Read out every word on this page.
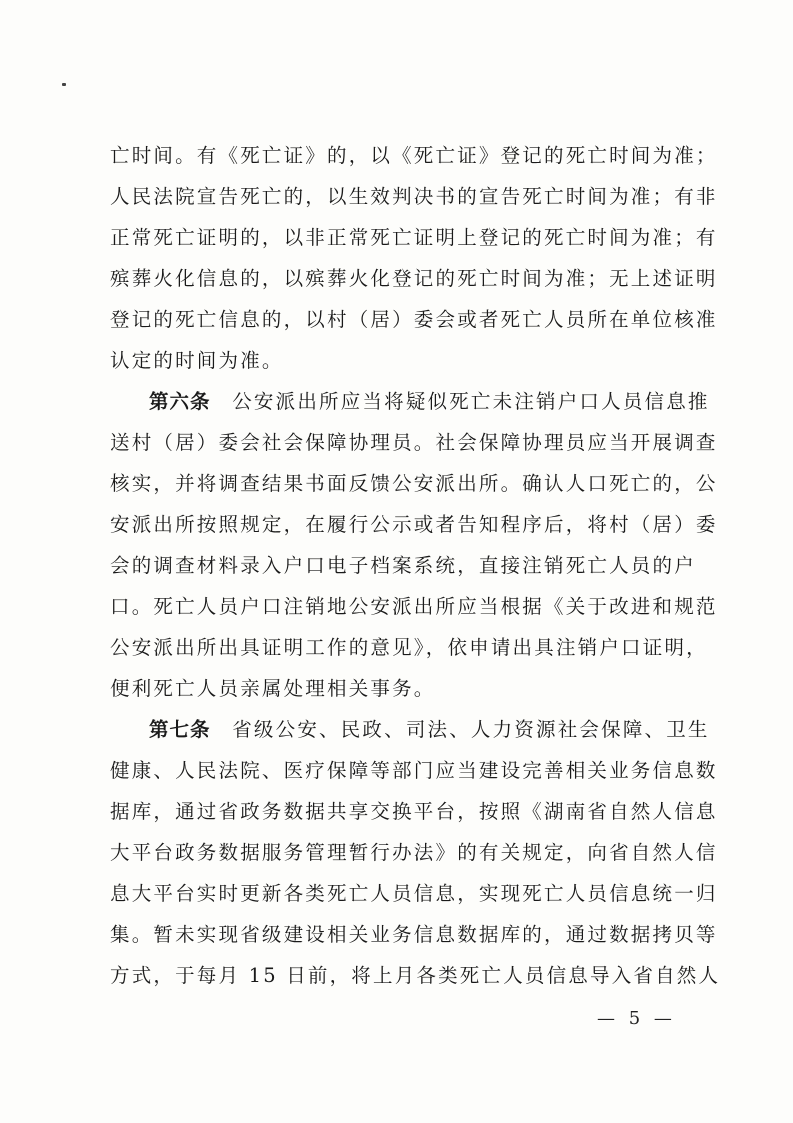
亡时间。有《死亡证》的，以《死亡证》登记的死亡时间为准；
人民法院宣告死亡的，以生效判决书的宣告死亡时间为准；有非
正常死亡证明的，以非正常死亡证明上登记的死亡时间为准；有
殡葬火化信息的，以殡葬火化登记的死亡时间为准；无上述证明
登记的死亡信息的，以村（居）委会或者死亡人员所在单位核准
认定的时间为准。
第六条　 公安派出所应当将疑似死亡未注销户口人员信息推
送村（居）委会社会保障协理员。社会保障协理员应当开展调查
核实，并将调查结果书面反馈公安派出所。确认人口死亡的，公
安派出所按照规定，在履行公示或者告知程序后，将村（居）委
会的调查材料录入户口电子档案系统，直接注销死亡人员的户
口。死亡人员户口注销地公安派出所应当根据《关于改进和规范
公安派出所出具证明工作的意见》，依申请出具注销户口证明，
便利死亡人员亲属处理相关事务。
第七条　 省级公安、民政、司法、人力资源社会保障、卫生
健康、人民法院、医疗保障等部门应当建设完善相关业务信息数
据库，通过省政务数据共享交换平台，按照《湖南省自然人信息
大平台政务数据服务管理暂行办法》的有关规定，向省自然人信
息大平台实时更新各类死亡人员信息，实现死亡人员信息统一归
集。暂未实现省级建设相关业务信息数据库的，通过数据拷贝等
方式，于每月 15 日前，将上月各类死亡人员信息导入省自然人
— 5 —
